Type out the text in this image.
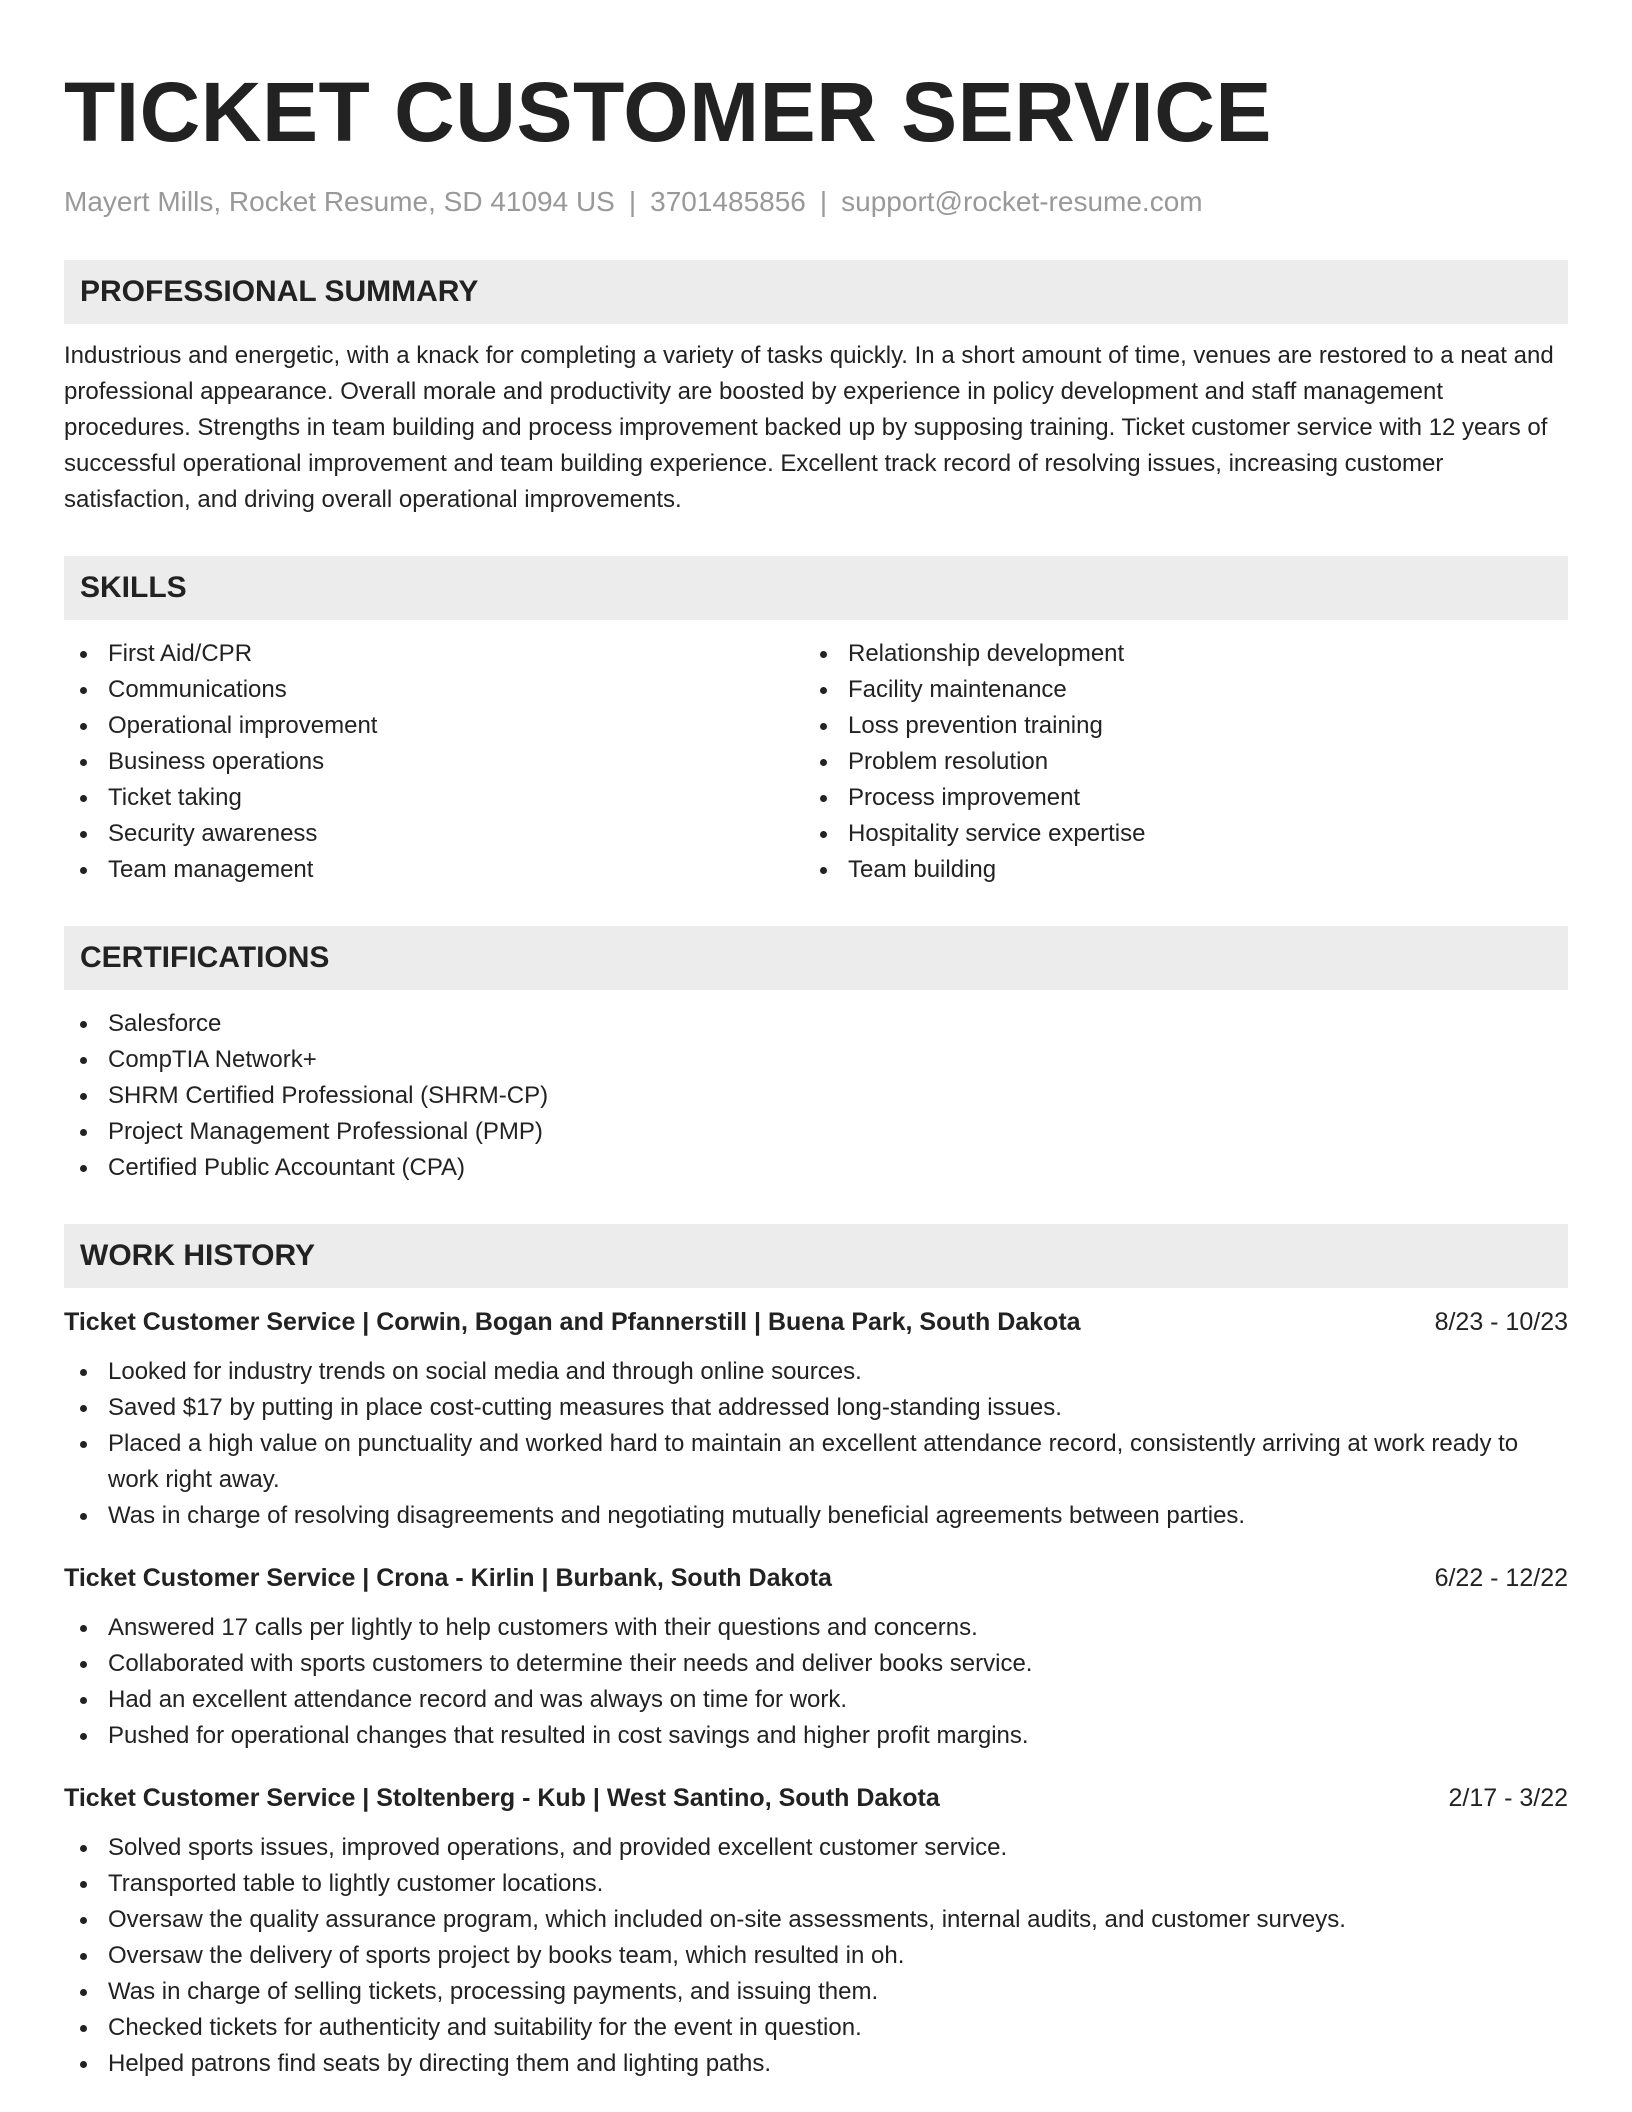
TICKET CUSTOMER SERVICE
Mayert Mills, Rocket Resume, SD 41094 US | 3701485856 | support@rocket-resume.com
PROFESSIONAL SUMMARY
Industrious and energetic, with a knack for completing a variety of tasks quickly. In a short amount of time, venues are restored to a neat and professional appearance. Overall morale and productivity are boosted by experience in policy development and staff management procedures. Strengths in team building and process improvement backed up by supposing training. Ticket customer service with 12 years of successful operational improvement and team building experience. Excellent track record of resolving issues, increasing customer satisfaction, and driving overall operational improvements.
SKILLS
First Aid/CPR
Communications
Operational improvement
Business operations
Ticket taking
Security awareness
Team management
Relationship development
Facility maintenance
Loss prevention training
Problem resolution
Process improvement
Hospitality service expertise
Team building
CERTIFICATIONS
Salesforce
CompTIA Network+
SHRM Certified Professional (SHRM-CP)
Project Management Professional (PMP)
Certified Public Accountant (CPA)
WORK HISTORY
Ticket Customer Service | Corwin, Bogan and Pfannerstill | Buena Park, South Dakota	8/23 - 10/23
Looked for industry trends on social media and through online sources.
Saved $17 by putting in place cost-cutting measures that addressed long-standing issues.
Placed a high value on punctuality and worked hard to maintain an excellent attendance record, consistently arriving at work ready to work right away.
Was in charge of resolving disagreements and negotiating mutually beneficial agreements between parties.
Ticket Customer Service | Crona - Kirlin | Burbank, South Dakota	6/22 - 12/22
Answered 17 calls per lightly to help customers with their questions and concerns.
Collaborated with sports customers to determine their needs and deliver books service.
Had an excellent attendance record and was always on time for work.
Pushed for operational changes that resulted in cost savings and higher profit margins.
Ticket Customer Service | Stoltenberg - Kub | West Santino, South Dakota	2/17 - 3/22
Solved sports issues, improved operations, and provided excellent customer service.
Transported table to lightly customer locations.
Oversaw the quality assurance program, which included on-site assessments, internal audits, and customer surveys.
Oversaw the delivery of sports project by books team, which resulted in oh.
Was in charge of selling tickets, processing payments, and issuing them.
Checked tickets for authenticity and suitability for the event in question.
Helped patrons find seats by directing them and lighting paths.
